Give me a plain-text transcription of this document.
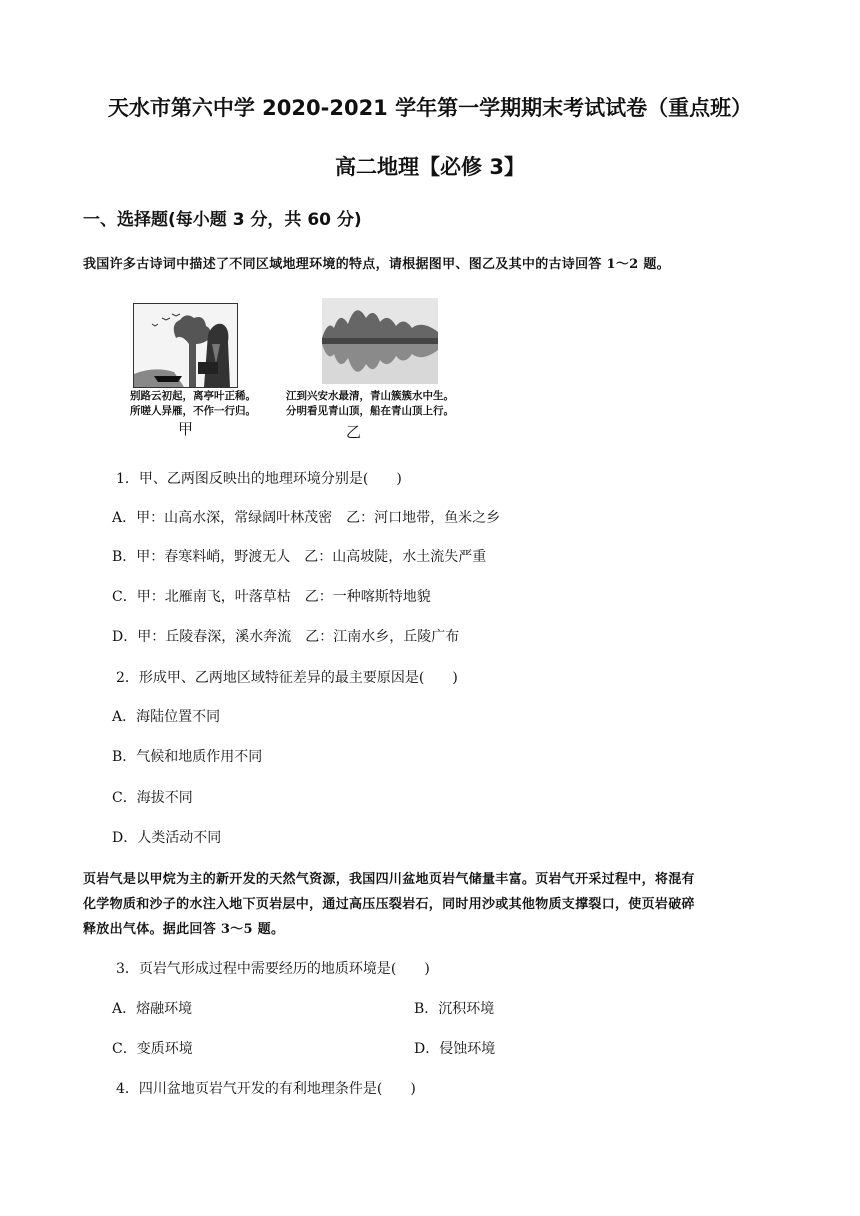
天水市第六中学 2020-2021 学年第一学期期末考试试卷（重点班）
高二地理【必修 3】
一、选择题(每小题 3 分，共 60 分)
我国许多古诗词中描述了不同区域地理环境的特点，请根据图甲、图乙及其中的古诗回答 1～2 题。
别路云初起，离亭叶正稀。
所嗟人异雁，不作一行归。
甲
江到兴安水最清，青山簇簇水中生。
分明看见青山顶，船在青山顶上行。
乙
1．甲、乙两图反映出的地理环境分别是(　　)
A．甲：山高水深，常绿阔叶林茂密　乙：河口地带，鱼米之乡
B．甲：春寒料峭，野渡无人　乙：山高坡陡，水土流失严重
C．甲：北雁南飞，叶落草枯　乙：一种喀斯特地貌
D．甲：丘陵春深，溪水奔流　乙：江南水乡，丘陵广布
2．形成甲、乙两地区域特征差异的最主要原因是(　　)
A．海陆位置不同
B．气候和地质作用不同
C．海拔不同
D．人类活动不同
页岩气是以甲烷为主的新开发的天然气资源，我国四川盆地页岩气储量丰富。页岩气开采过程中，将混有
化学物质和沙子的水注入地下页岩层中，通过高压压裂岩石，同时用沙或其他物质支撑裂口，使页岩破碎
释放出气体。据此回答 3～5 题。
3．页岩气形成过程中需要经历的地质环境是(　　)
A．熔融环境	B．沉积环境
C．变质环境	D．侵蚀环境
4．四川盆地页岩气开发的有利地理条件是(　　)
